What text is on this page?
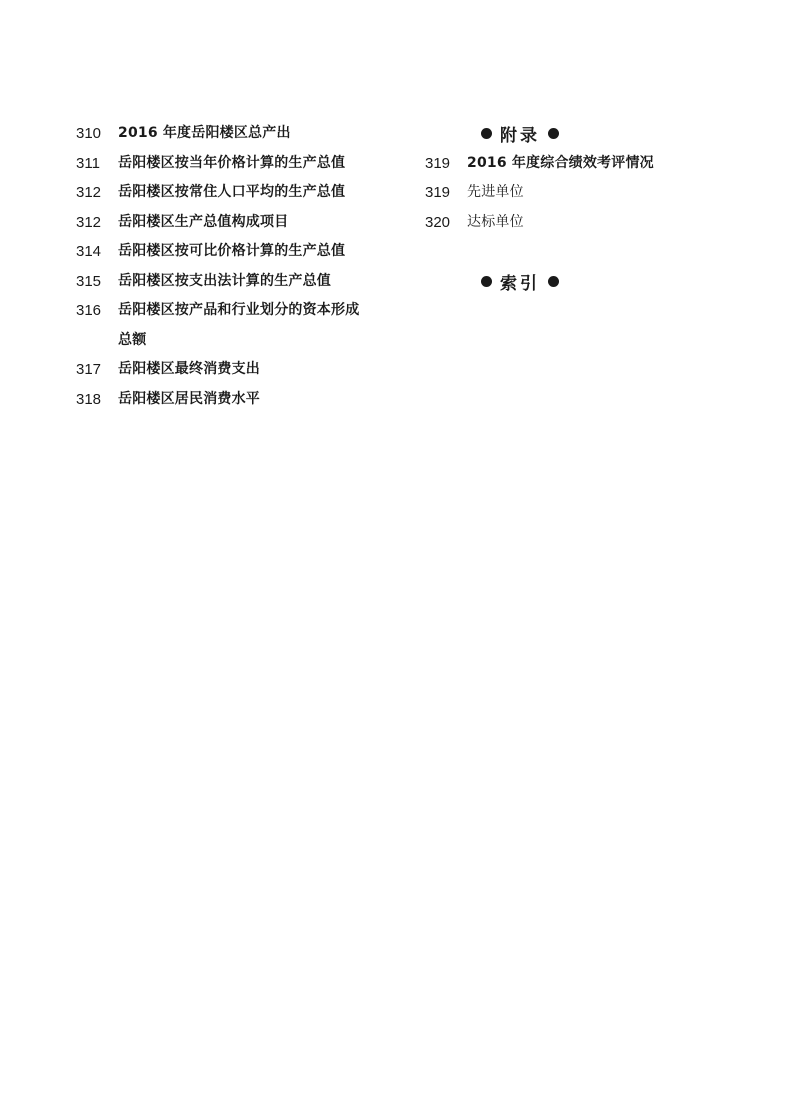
310	2016 年度岳阳楼区总产出
311	岳阳楼区按当年价格计算的生产总值
312	岳阳楼区按常住人口平均的生产总值
312	岳阳楼区生产总值构成项目
314	岳阳楼区按可比价格计算的生产总值
315	岳阳楼区按支出法计算的生产总值
316	岳阳楼区按产品和行业划分的资本形成总额
317	岳阳楼区最终消费支出
318	岳阳楼区居民消费水平
附录
319	2016 年度综合绩效考评情况
319	先进单位
320	达标单位
索引
